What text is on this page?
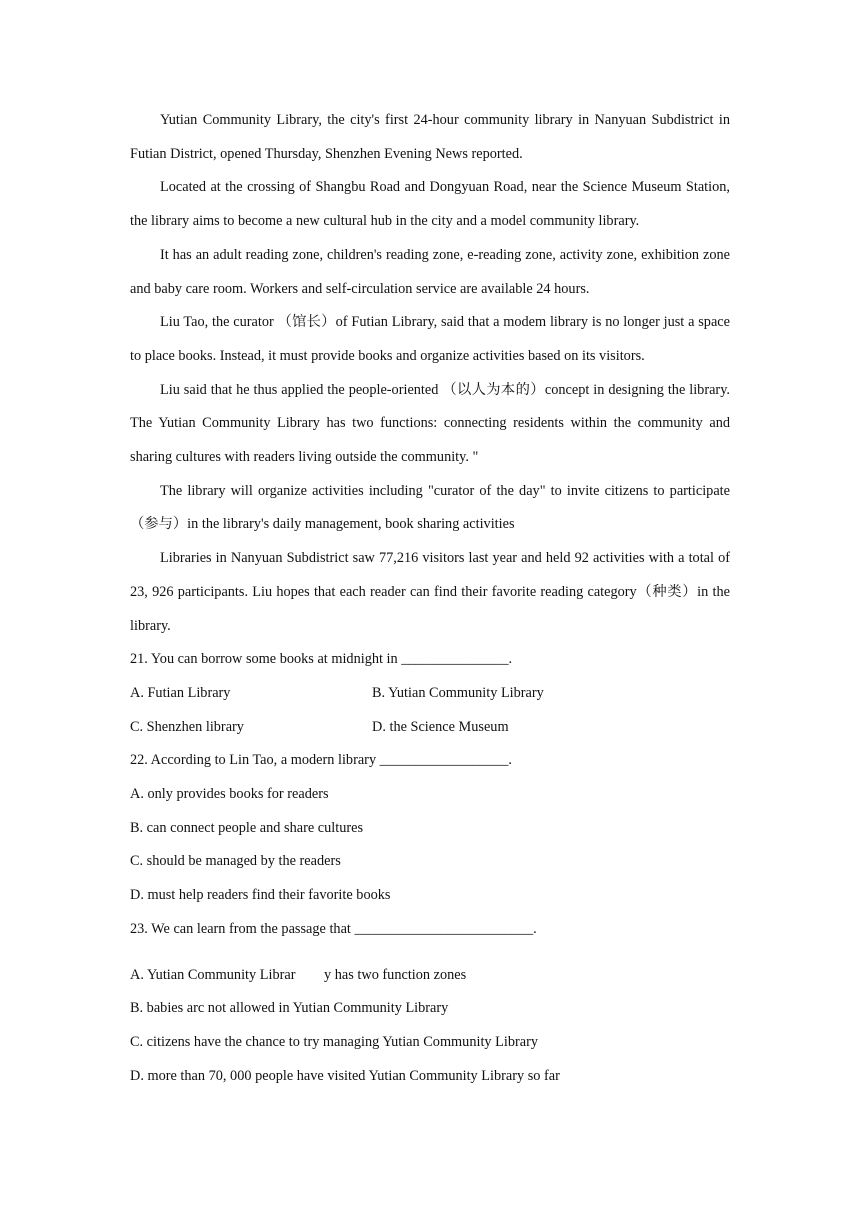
Yutian Community Library, the city's first 24-hour community library in Nanyuan Subdistrict in Futian District, opened Thursday, Shenzhen Evening News reported.

Located at the crossing of Shangbu Road and Dongyuan Road, near the Science Museum Station, the library aims to become a new cultural hub in the city and a model community library.

It has an adult reading zone, children's reading zone, e-reading zone, activity zone, exhibition zone and baby care room. Workers and self-circulation service are available 24 hours.

Liu Tao, the curator （馆长）of Futian Library, said that a modem library is no longer just a space to place books. Instead, it must provide books and organize activities based on its visitors.

Liu said that he thus applied the people-oriented （以人为本的）concept in designing the library. The Yutian Community Library has two functions: connecting residents within the community and sharing cultures with readers living outside the community. "

The library will organize activities including "curator of the day" to invite citizens to participate（参与）in the library's daily management, book sharing activities

Libraries in Nanyuan Subdistrict saw 77,216 visitors last year and held 92 activities with a total of 23, 926 participants. Liu hopes that each reader can find their favorite reading category（种类）in the library.

21. You can borrow some books at midnight in _______________.

A. Futian Library	B. Yutian Community Library
C. Shenzhen library	D. the Science Museum

22. According to Lin Tao, a modern library __________________.

A. only provides books for readers

B. can connect people and share cultures

C. should be managed by the readers

D. must help readers find their favorite books

23. We can learn from the passage that _________________________.

A. Yutian Community Librar        y has two function zones

B. babies arc not allowed in Yutian Community Library

C. citizens have the chance to try managing Yutian Community Library

D. more than 70, 000 people have visited Yutian Community Library so far
